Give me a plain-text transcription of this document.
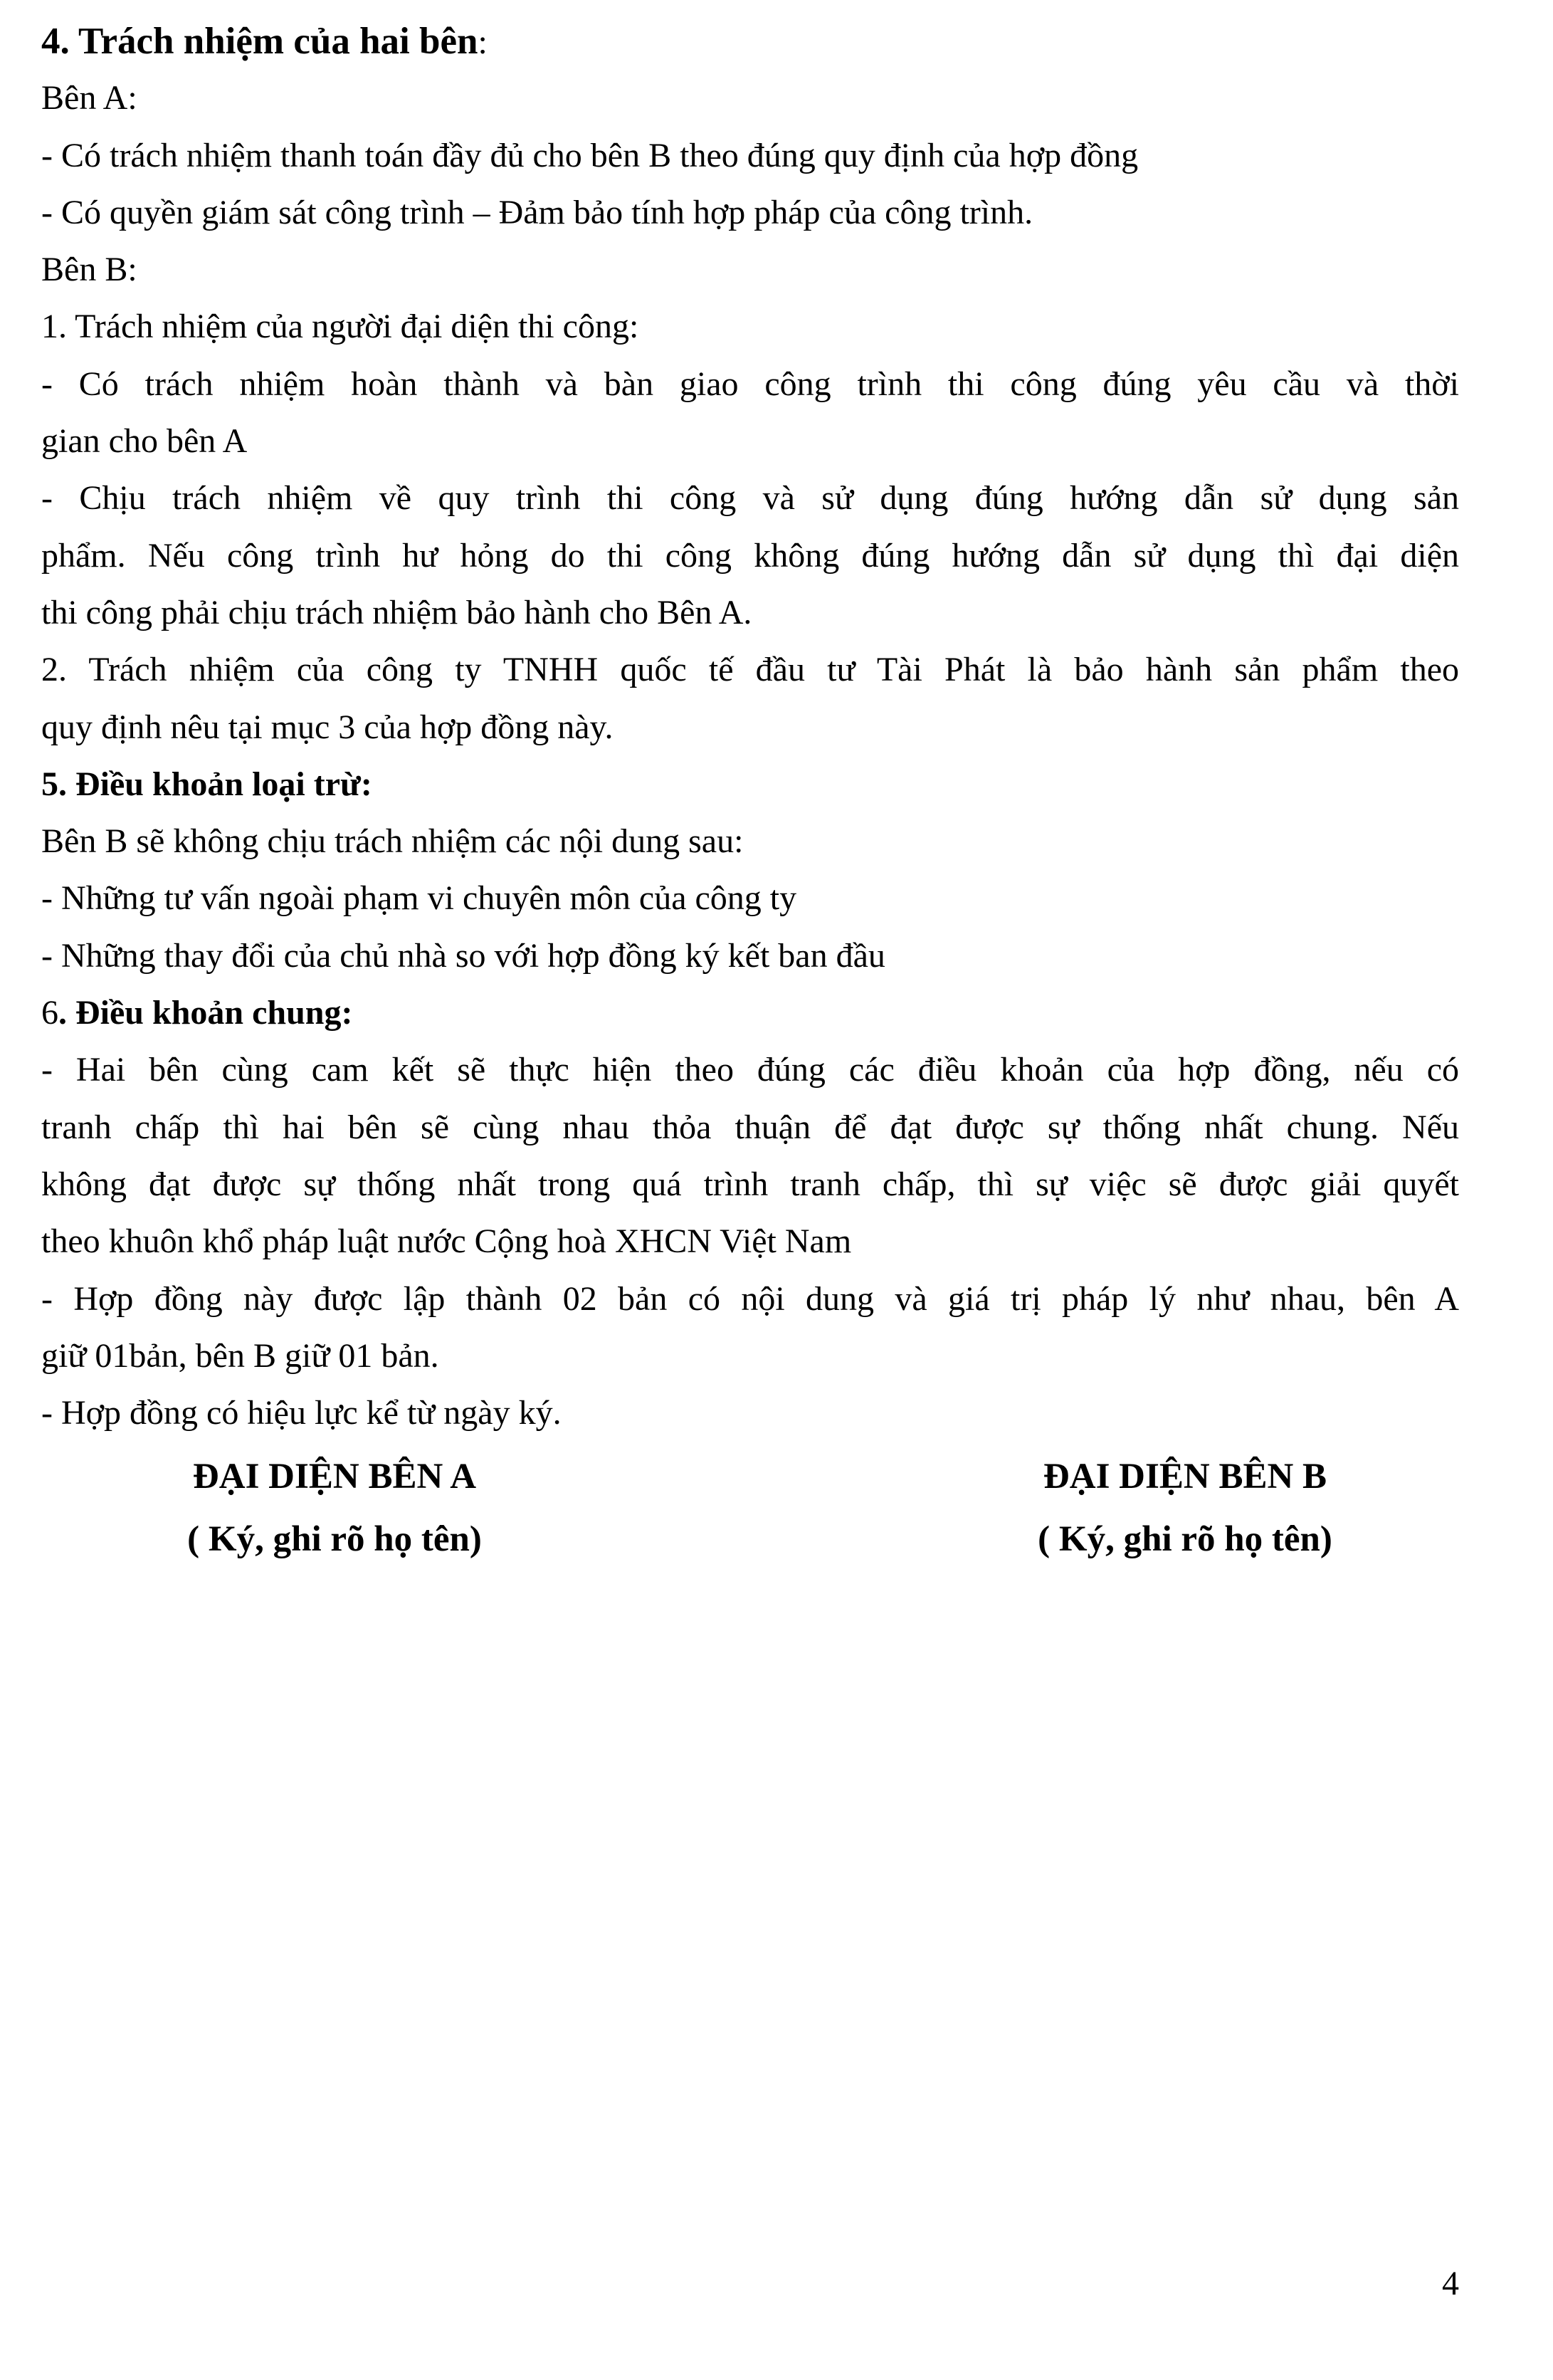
4. Trách nhiệm của hai bên:

Bên A:

- Có trách nhiệm thanh toán đầy đủ cho bên B theo đúng quy định của hợp đồng

- Có quyền giám sát công trình – Đảm bảo tính hợp pháp của công trình.

Bên B:

1. Trách nhiệm của người đại diện thi công:

- Có trách nhiệm hoàn thành và bàn giao công trình thi công đúng yêu cầu và thời

gian cho bên A

- Chịu trách nhiệm về quy trình thi công và sử dụng đúng hướng dẫn sử dụng sản

phẩm. Nếu công trình hư hỏng do thi công không đúng hướng dẫn sử dụng thì đại diện

thi công phải chịu trách nhiệm bảo hành cho Bên A.

2. Trách nhiệm của công ty TNHH quốc tế đầu tư Tài Phát là bảo hành sản phẩm theo

quy định nêu tại mục 3 của hợp đồng này.

5. Điều khoản loại trừ:

Bên B sẽ không chịu trách nhiệm các nội dung sau:

- Những tư vấn ngoài phạm vi chuyên môn của công ty

- Những thay đổi của chủ nhà so với hợp đồng ký kết ban đầu

6. Điều khoản chung:

- Hai bên cùng cam kết sẽ thực hiện theo đúng các điều khoản của hợp đồng, nếu có

tranh chấp thì hai bên sẽ cùng nhau thỏa thuận để đạt được sự thống nhất chung. Nếu

không đạt được sự thống nhất trong quá trình tranh chấp, thì sự việc sẽ được giải quyết

theo khuôn khổ pháp luật nước Cộng hoà XHCN Việt Nam

- Hợp đồng này được lập thành 02 bản có nội dung và giá trị pháp lý như nhau, bên A

giữ 01bản, bên B giữ 01 bản.

- Hợp đồng có hiệu lực kể từ ngày ký.

ĐẠI DIỆN BÊN A
( Ký, ghi rõ họ tên)
ĐẠI DIỆN BÊN B
( Ký, ghi rõ họ tên)
4
